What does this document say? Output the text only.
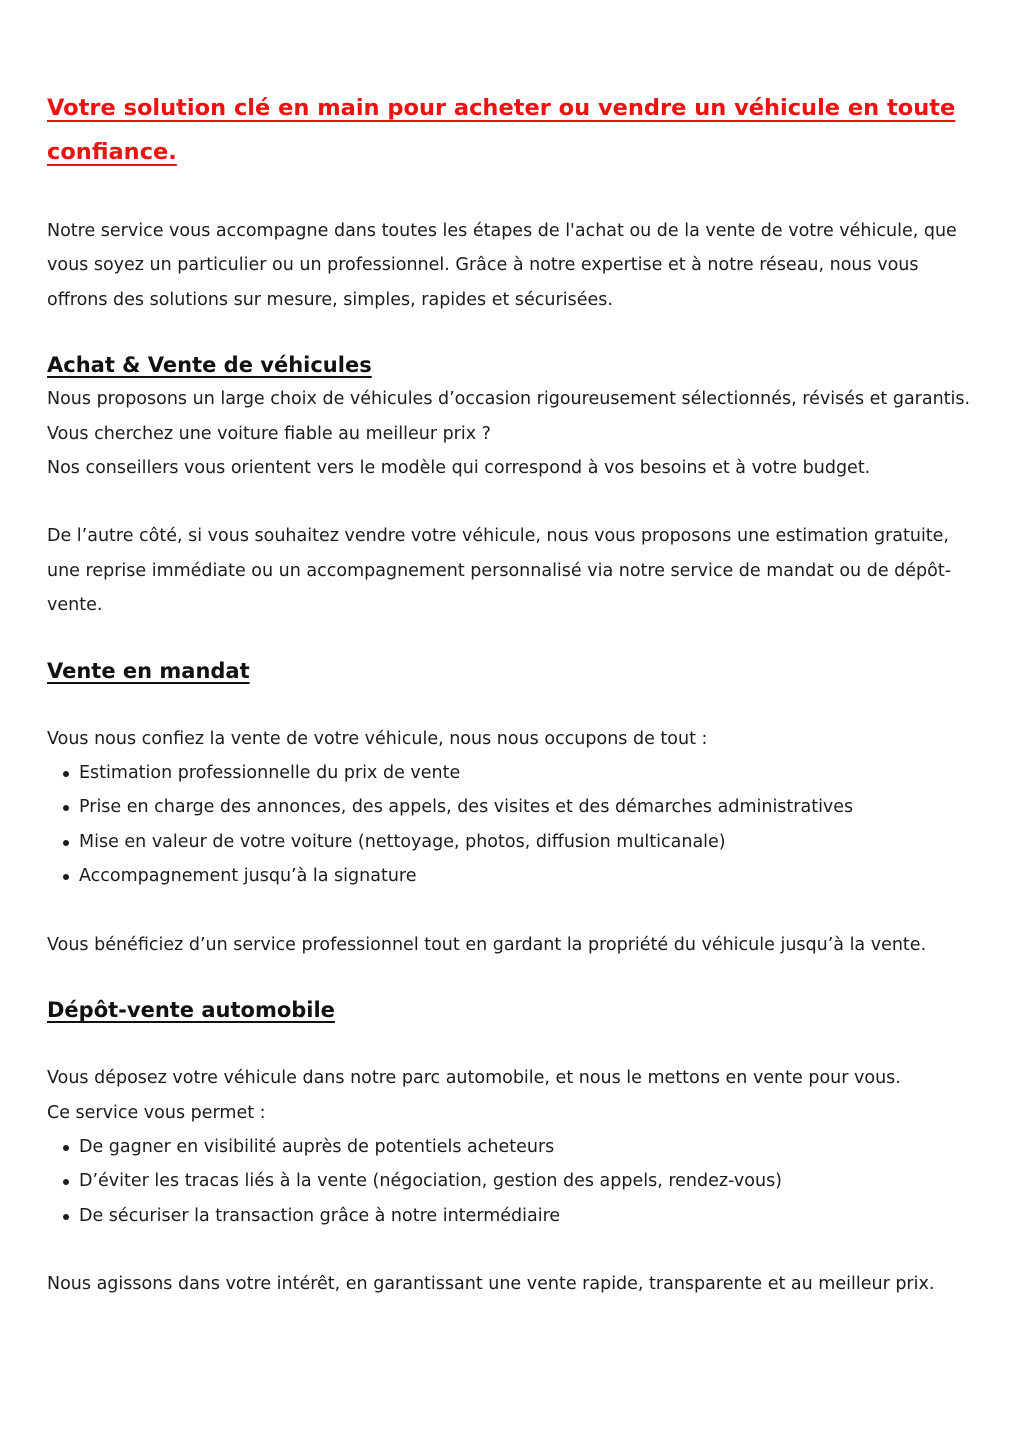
Votre solution clé en main pour acheter ou vendre un véhicule en toute confiance.

Notre service vous accompagne dans toutes les étapes de l'achat ou de la vente de votre véhicule, que vous soyez un particulier ou un professionnel. Grâce à notre expertise et à notre réseau, nous vous offrons des solutions sur mesure, simples, rapides et sécurisées.

Achat & Vente de véhicules

Nous proposons un large choix de véhicules d’occasion rigoureusement sélectionnés, révisés et garantis. Vous cherchez une voiture fiable au meilleur prix ?

Nos conseillers vous orientent vers le modèle qui correspond à vos besoins et à votre budget.

De l’autre côté, si vous souhaitez vendre votre véhicule, nous vous proposons une estimation gratuite, une reprise immédiate ou un accompagnement personnalisé via notre service de mandat ou de dépôt-vente.

Vente en mandat

Vous nous confiez la vente de votre véhicule, nous nous occupons de tout :

Estimation professionnelle du prix de vente
Prise en charge des annonces, des appels, des visites et des démarches administratives
Mise en valeur de votre voiture (nettoyage, photos, diffusion multicanale)
Accompagnement jusqu’à la signature

Vous bénéficiez d’un service professionnel tout en gardant la propriété du véhicule jusqu’à la vente.

Dépôt-vente automobile

Vous déposez votre véhicule dans notre parc automobile, et nous le mettons en vente pour vous.

Ce service vous permet :

De gagner en visibilité auprès de potentiels acheteurs
D’éviter les tracas liés à la vente (négociation, gestion des appels, rendez-vous)
De sécuriser la transaction grâce à notre intermédiaire

Nous agissons dans votre intérêt, en garantissant une vente rapide, transparente et au meilleur prix.
